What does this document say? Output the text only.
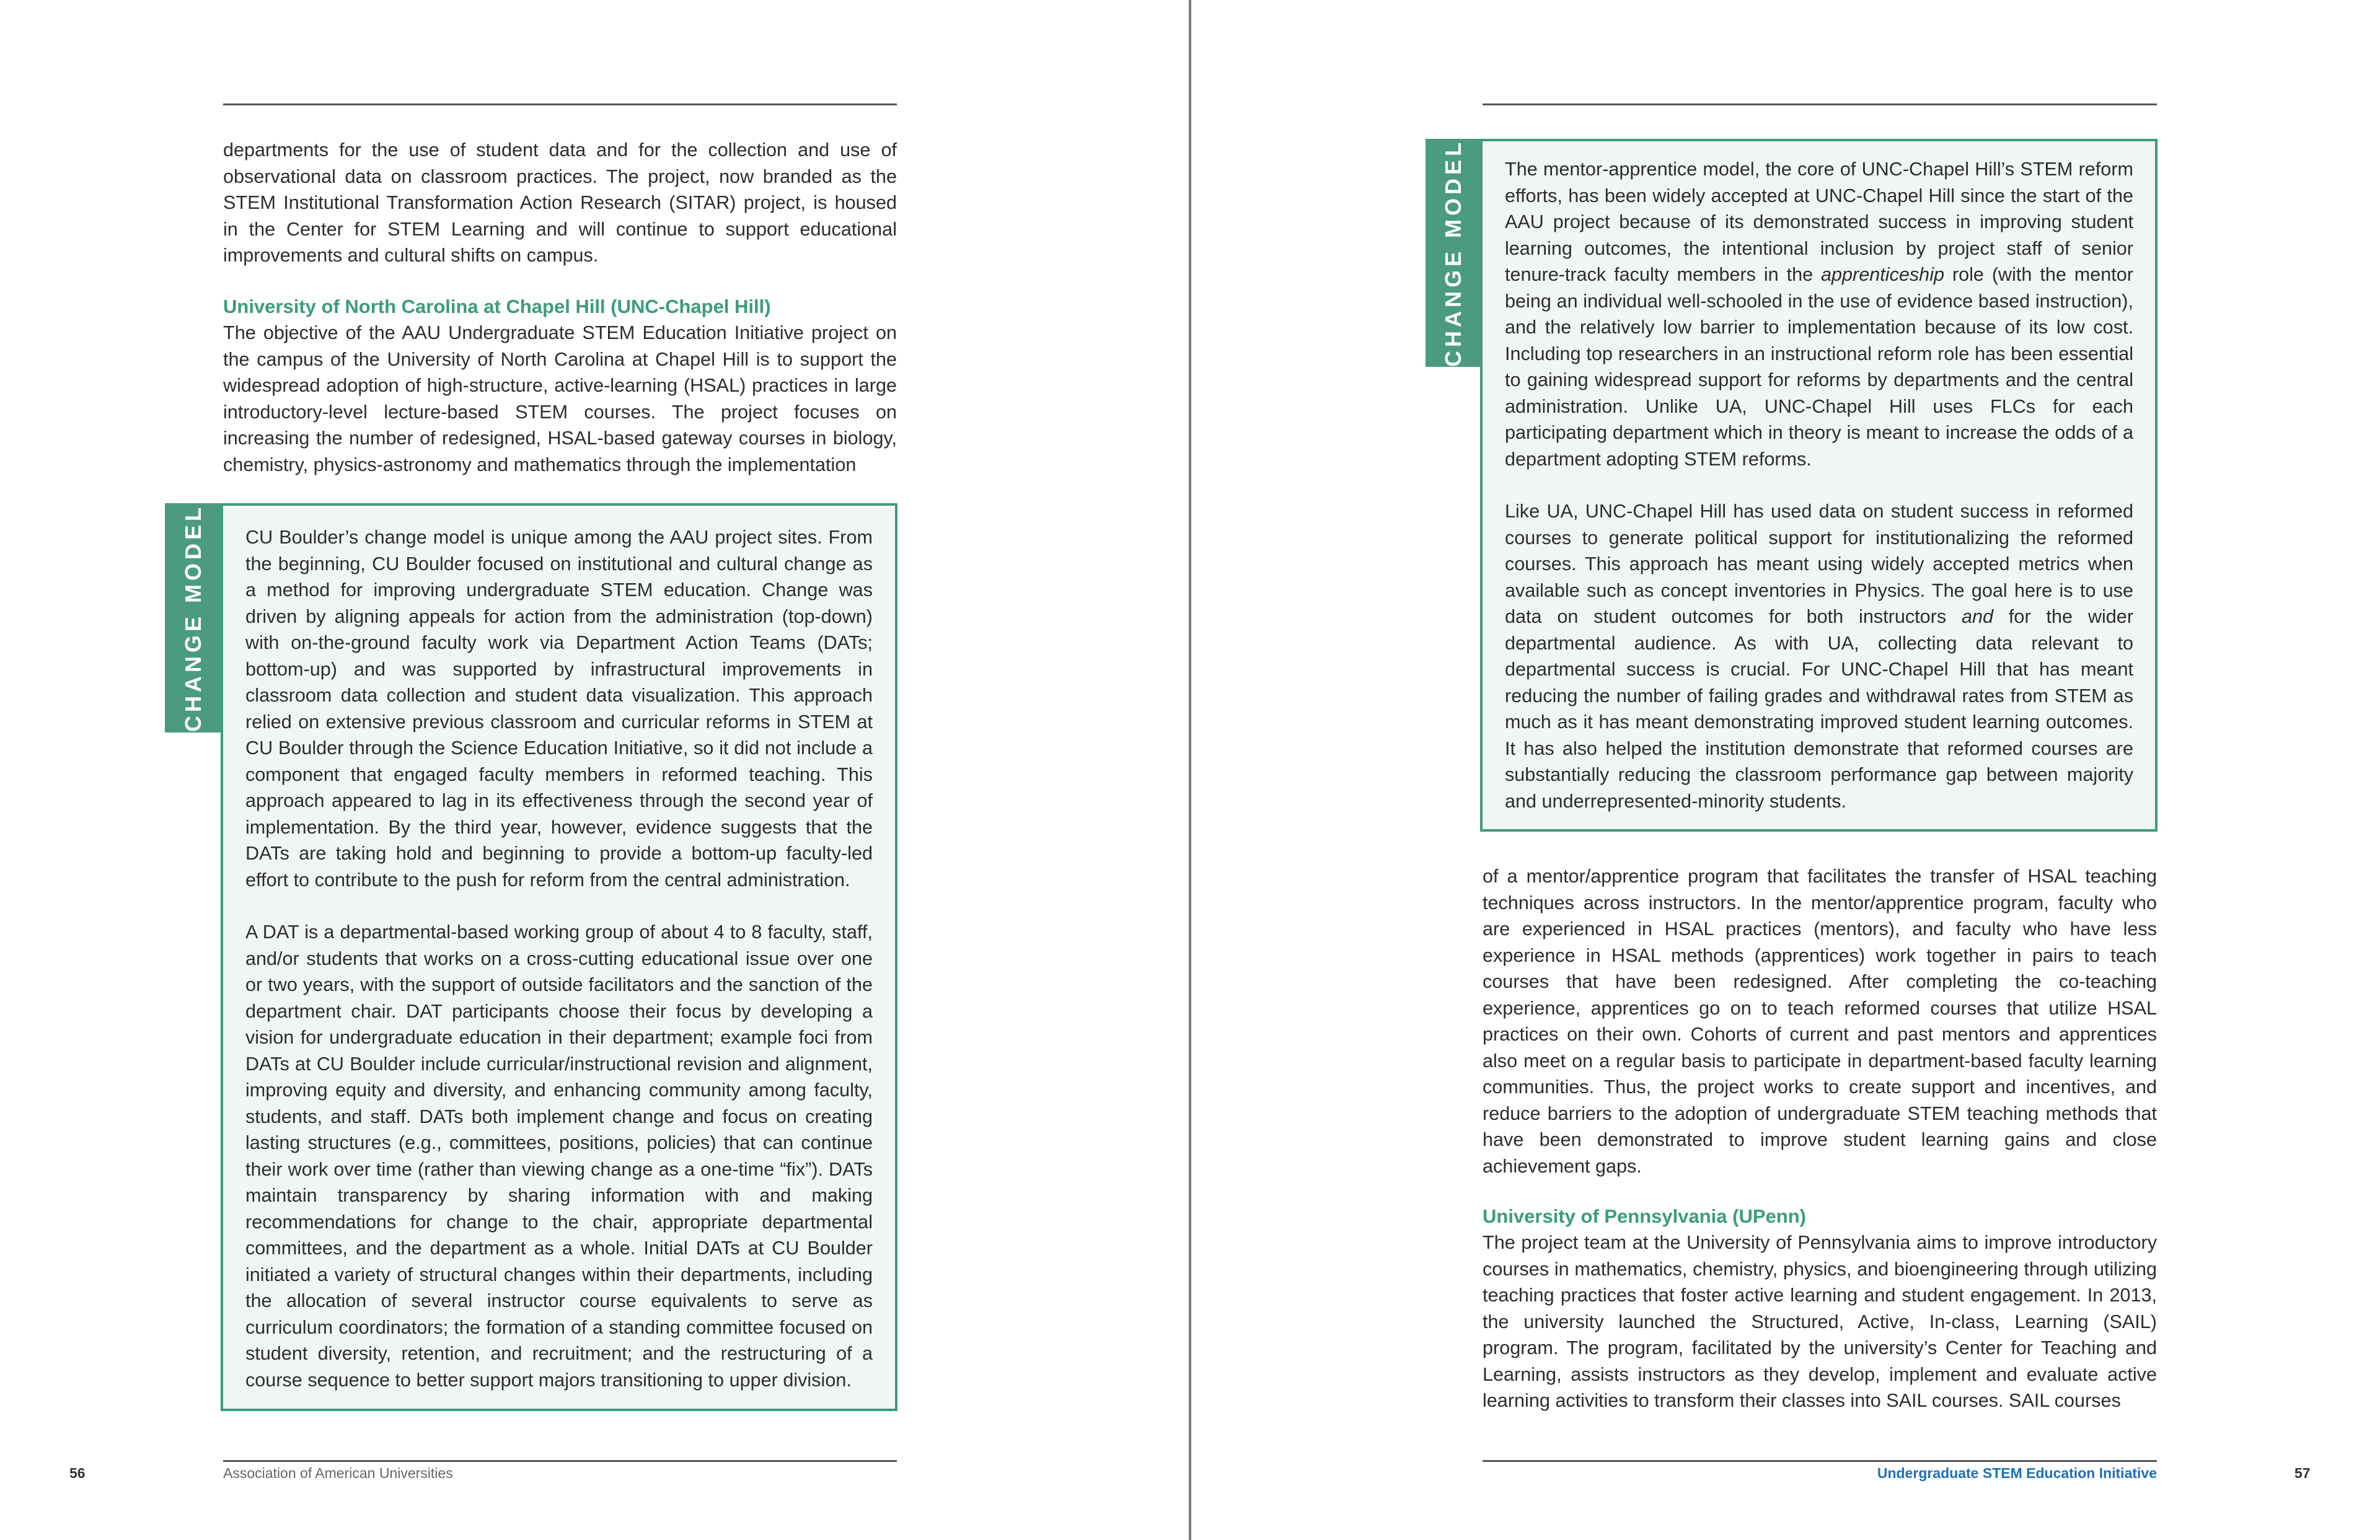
departments for the use of student data and for the collection and use of observational data on classroom practices. The project, now branded as the STEM Institutional Transformation Action Research (SITAR) project, is housed in the Center for STEM Learning and will continue to support educational improvements and cultural shifts on campus.

University of North Carolina at Chapel Hill (UNC-Chapel Hill)

The objective of the AAU Undergraduate STEM Education Initiative project on the campus of the University of North Carolina at Chapel Hill is to support the widespread adoption of high-structure, active-learning (HSAL) practices in large introductory-level lecture-based STEM courses. The project focuses on increasing the number of redesigned, HSAL-based gateway courses in biology, chemistry, physics-astronomy and mathematics through the implementation

CU Boulder’s change model is unique among the AAU project sites. From the beginning, CU Boulder focused on institutional and cultural change as a method for improving undergraduate STEM education. Change was driven by aligning appeals for action from the administration (top-down) with on-the-ground faculty work via Department Action Teams (DATs; bottom-up) and was supported by infrastructural improvements in classroom data collection and student data visualization. This approach relied on extensive previous classroom and curricular reforms in STEM at CU Boulder through the Science Education Initiative, so it did not include a component that engaged faculty members in reformed teaching. This approach appeared to lag in its effectiveness through the second year of implementation. By the third year, however, evidence suggests that the DATs are taking hold and beginning to provide a bottom-up faculty-led effort to contribute to the push for reform from the central administration.

A DAT is a departmental-based working group of about 4 to 8 faculty, staff, and/or students that works on a cross-cutting educational issue over one or two years, with the support of outside facilitators and the sanction of the department chair. DAT participants choose their focus by developing a vision for undergraduate education in their department; example foci from DATs at CU Boulder include curricular/instructional revision and alignment, improving equity and diversity, and enhancing community among faculty, students, and staff. DATs both implement change and focus on creating lasting structures (e.g., committees, positions, policies) that can continue their work over time (rather than viewing change as a one-time “fix”). DATs maintain transparency by sharing information with and making recommendations for change to the chair, appropriate departmental committees, and the department as a whole. Initial DATs at CU Boulder initiated a variety of structural changes within their departments, including the allocation of several instructor course equivalents to serve as curriculum coordinators; the formation of a standing committee focused on student diversity, retention, and recruitment; and the restructuring of a course sequence to better support majors transitioning to upper division.

CHANGE MODEL
56	Association of American Universities

The mentor-apprentice model, the core of UNC-Chapel Hill’s STEM reform efforts, has been widely accepted at UNC-Chapel Hill since the start of the AAU project because of its demonstrated success in improving student learning outcomes, the intentional inclusion by project staff of senior tenure-track faculty members in the apprenticeship role (with the mentor being an individual well-schooled in the use of evidence based instruction), and the relatively low barrier to implementation because of its low cost. Including top researchers in an instructional reform role has been essential to gaining widespread support for reforms by departments and the central administration. Unlike UA, UNC-Chapel Hill uses FLCs for each participating department which in theory is meant to increase the odds of a department adopting STEM reforms.

Like UA, UNC-Chapel Hill has used data on student success in reformed courses to generate political support for institutionalizing the reformed courses. This approach has meant using widely accepted metrics when available such as concept inventories in Physics. The goal here is to use data on student outcomes for both instructors and for the wider departmental audience. As with UA, collecting data relevant to departmental success is crucial. For UNC-Chapel Hill that has meant reducing the number of failing grades and withdrawal rates from STEM as much as it has meant demonstrating improved student learning outcomes. It has also helped the institution demonstrate that reformed courses are substantially reducing the classroom performance gap between majority and underrepresented-minority students.

CHANGE MODEL

of a mentor/apprentice program that facilitates the transfer of HSAL teaching techniques across instructors. In the mentor/apprentice program, faculty who are experienced in HSAL practices (mentors), and faculty who have less experience in HSAL methods (apprentices) work together in pairs to teach courses that have been redesigned. After completing the co-teaching experience, apprentices go on to teach reformed courses that utilize HSAL practices on their own. Cohorts of current and past mentors and apprentices also meet on a regular basis to participate in department-based faculty learning communities. Thus, the project works to create support and incentives, and reduce barriers to the adoption of undergraduate STEM teaching methods that have been demonstrated to improve student learning gains and close achievement gaps.

University of Pennsylvania (UPenn)

The project team at the University of Pennsylvania aims to improve introductory courses in mathematics, chemistry, physics, and bioengineering through utilizing teaching practices that foster active learning and student engagement. In 2013, the university launched the Structured, Active, In-class, Learning (SAIL) program. The program, facilitated by the university’s Center for Teaching and Learning, assists instructors as they develop, implement and evaluate active learning activities to transform their classes into SAIL courses. SAIL courses

Undergraduate STEM Education Initiative	57
